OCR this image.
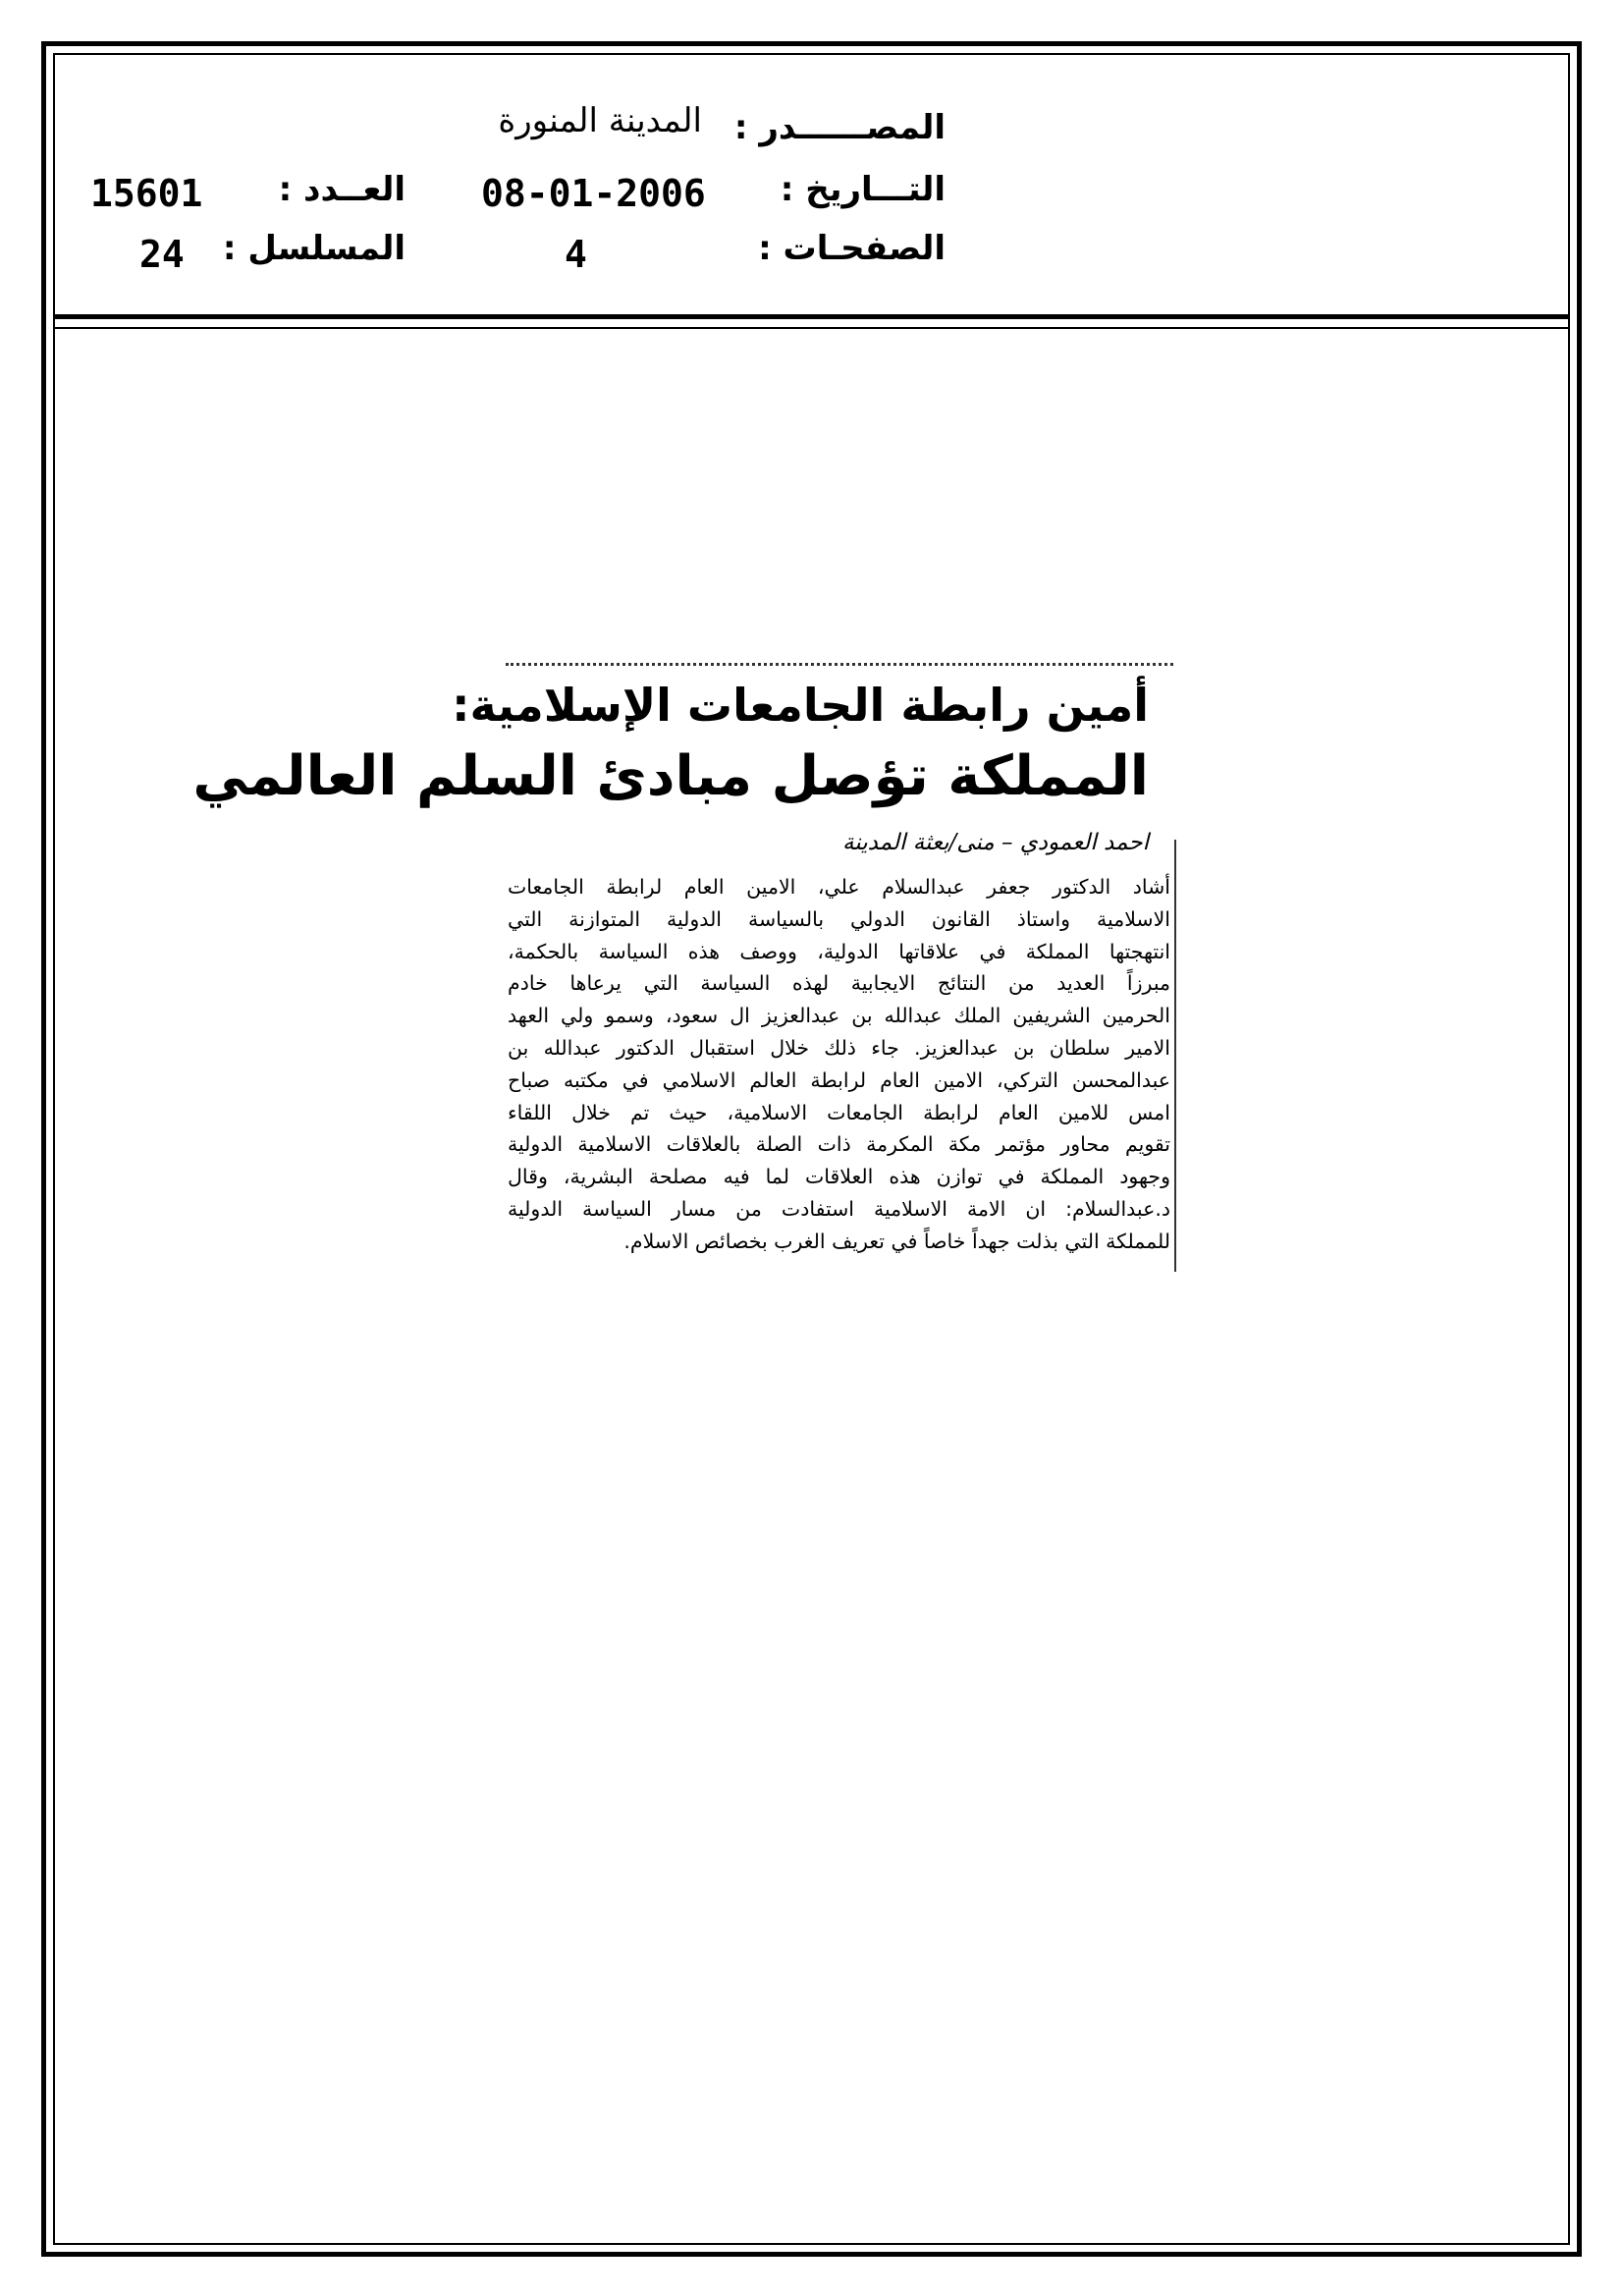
المصــــــدر :
المدينة المنورة
التـــاريخ :
08-01-2006
العــدد :
15601
الصفحـات :
4
المسلسل :
24
أمين رابطة الجامعات الإسلامية:
المملكة تؤصل مبادئ السلم العالمي
احمد العمودي – منى/بعثة المدينة
أشاد الدكتور جعفر عبدالسلام علي، الامين العام لرابطة الجامعات
الاسلامية واستاذ القانون الدولي بالسياسة الدولية المتوازنة التي
انتهجتها المملكة في علاقاتها الدولية، ووصف هذه السياسة بالحكمة،
مبرزاً العديد من النتائج الايجابية لهذه السياسة التي يرعاها خادم
الحرمين الشريفين الملك عبدالله بن عبدالعزيز ال سعود، وسمو ولي العهد
الامير سلطان بن عبدالعزيز. جاء ذلك خلال استقبال الدكتور عبدالله بن
عبدالمحسن التركي، الامين العام لرابطة العالم الاسلامي في مكتبه صباح
امس للامين العام لرابطة الجامعات الاسلامية، حيث تم خلال اللقاء
تقويم محاور مؤتمر مكة المكرمة ذات الصلة بالعلاقات الاسلامية الدولية
وجهود المملكة في توازن هذه العلاقات لما فيه مصلحة البشرية، وقال
د.عبدالسلام: ان الامة الاسلامية استفادت من مسار السياسة الدولية
للمملكة التي بذلت جهداً خاصاً في تعريف الغرب بخصائص الاسلام.
